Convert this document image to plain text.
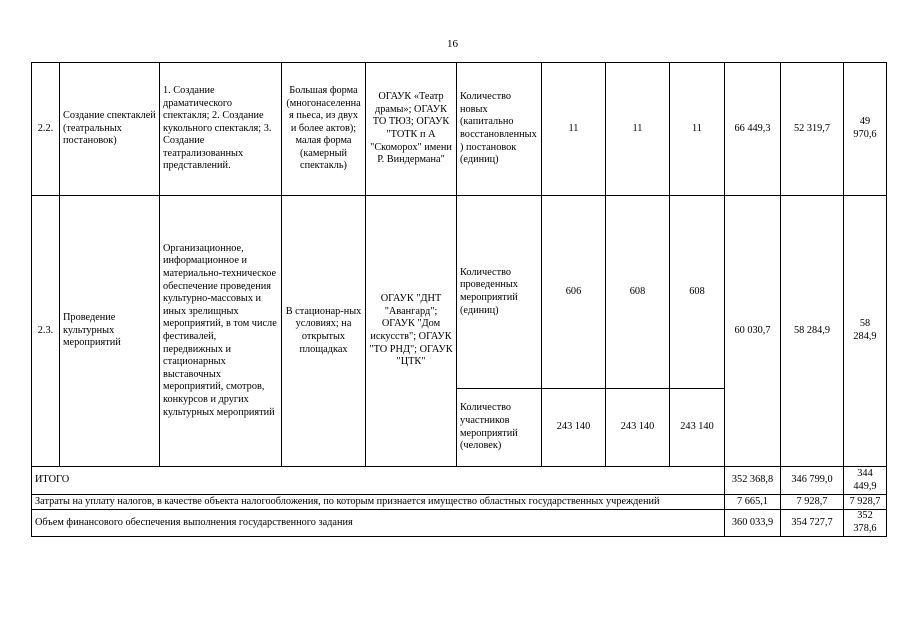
16
2.2.	Создание спектаклей (театральных постановок)	1. Создание драматического спектакля; 2. Создание кукольного спектакля; 3. Создание театрализованных представлений.	Большая форма (многонаселенная пьеса, из двух и более актов); малая форма (камерный спектакль)	ОГАУК «Театр драмы»; ОГАУК ТО ТЮЗ; ОГАУК "ТОТК п А "Скоморох" имени Р. Виндермана"	Количество новых (капитально восстановленных) постановок (единиц)	11	11	11	66 449,3	52 319,7	49 970,6
2.3.	Проведение культурных мероприятий	Организационное, информационное и материально-техническое обеспечение проведения культурно-массовых и иных зрелищных мероприятий, в том числе фестивалей, передвижных и стационарных выставочных мероприятий, смотров, конкурсов и других культурных мероприятий	В стационар-ных условиях; на открытых площадках	ОГАУК "ДНТ "Авангард"; ОГАУК "Дом искусств"; ОГАУК "ТО РНД"; ОГАУК "ЦТК"	Количество проведенных мероприятий (единиц)	606	608	608	60 030,7	58 284,9	58 284,9
					Количество участников мероприятий (человек)	243 140	243 140	243 140			
ИТОГО									352 368,8	346 799,0	344 449,9
Затраты на уплату налогов, в качестве объекта налогообложения, по которым признается имущество областных государственных учреждений									7 665,1	7 928,7	7 928,7
Объем финансового обеспечения выполнения государственного задания									360 033,9	354 727,7	352 378,6
